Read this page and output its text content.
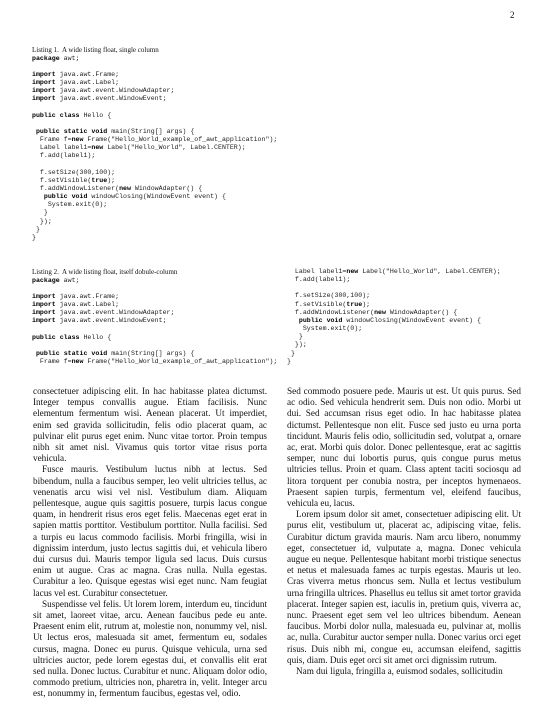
2
Listing 1.  A wide listing float, single column
package awt;

import java.awt.Frame;
import java.awt.Label;
import java.awt.event.WindowAdapter;
import java.awt.event.WindowEvent;

public class Hello {

public static void main(String[] args) {
Frame f=new Frame("Hello_World_example_of_awt_application");
Label label1=new Label("Hello_World", Label.CENTER);
f.add(label1);

f.setSize(300,100);
f.setVisible(true);
f.addWindowListener(new WindowAdapter() {
public void windowClosing(WindowEvent event) {
System.exit(0);
}
});
}
}
Listing 2.  A wide listing float, itself dobule-column
package awt;

import java.awt.Frame;
import java.awt.Label;
import java.awt.event.WindowAdapter;
import java.awt.event.WindowEvent;

public class Hello {

public static void main(String[] args) {
Frame f=new Frame("Hello_World_example_of_awt_application");
Label label1=new Label("Hello_World", Label.CENTER);
f.add(label1);

f.setSize(300,100);
f.setVisible(true);
f.addWindowListener(new WindowAdapter() {
public void windowClosing(WindowEvent event) {
System.exit(0);
}
});
}
}

consectetuer adipiscing elit. In hac habitasse platea dictumst. Integer tempus convallis augue. Etiam facilisis. Nunc elementum fermentum wisi. Aenean placerat. Ut imperdiet, enim sed gravida sollicitudin, felis odio placerat quam, ac pulvinar elit purus eget enim. Nunc vitae tortor. Proin tempus nibh sit amet nisl. Vivamus quis tortor vitae risus porta vehicula.

Fusce mauris. Vestibulum luctus nibh at lectus. Sed bibendum, nulla a faucibus semper, leo velit ultricies tellus, ac venenatis arcu wisi vel nisl. Vestibulum diam. Aliquam pellentesque, augue quis sagittis posuere, turpis lacus congue quam, in hendrerit risus eros eget felis. Maecenas eget erat in sapien mattis porttitor. Vestibulum porttitor. Nulla facilisi. Sed a turpis eu lacus commodo facilisis. Morbi fringilla, wisi in dignissim interdum, justo lectus sagittis dui, et vehicula libero dui cursus dui. Mauris tempor ligula sed lacus. Duis cursus enim ut augue. Cras ac magna. Cras nulla. Nulla egestas. Curabitur a leo. Quisque egestas wisi eget nunc. Nam feugiat lacus vel est. Curabitur consectetuer.

Suspendisse vel felis. Ut lorem lorem, interdum eu, tincidunt sit amet, laoreet vitae, arcu. Aenean faucibus pede eu ante. Praesent enim elit, rutrum at, molestie non, nonummy vel, nisl. Ut lectus eros, malesuada sit amet, fermentum eu, sodales cursus, magna. Donec eu purus. Quisque vehicula, urna sed ultricies auctor, pede lorem egestas dui, et convallis elit erat sed nulla. Donec luctus. Curabitur et nunc. Aliquam dolor odio, commodo pretium, ultricies non, pharetra in, velit. Integer arcu est, nonummy in, fermentum faucibus, egestas vel, odio.

Sed commodo posuere pede. Mauris ut est. Ut quis purus. Sed ac odio. Sed vehicula hendrerit sem. Duis non odio. Morbi ut dui. Sed accumsan risus eget odio. In hac habitasse platea dictumst. Pellentesque non elit. Fusce sed justo eu urna porta tincidunt. Mauris felis odio, sollicitudin sed, volutpat a, ornare ac, erat. Morbi quis dolor. Donec pellentesque, erat ac sagittis semper, nunc dui lobortis purus, quis congue purus metus ultricies tellus. Proin et quam. Class aptent taciti sociosqu ad litora torquent per conubia nostra, per inceptos hymenaeos. Praesent sapien turpis, fermentum vel, eleifend faucibus, vehicula eu, lacus.

Lorem ipsum dolor sit amet, consectetuer adipiscing elit. Ut purus elit, vestibulum ut, placerat ac, adipiscing vitae, felis. Curabitur dictum gravida mauris. Nam arcu libero, nonummy eget, consectetuer id, vulputate a, magna. Donec vehicula augue eu neque. Pellentesque habitant morbi tristique senectus et netus et malesuada fames ac turpis egestas. Mauris ut leo. Cras viverra metus rhoncus sem. Nulla et lectus vestibulum urna fringilla ultrices. Phasellus eu tellus sit amet tortor gravida placerat. Integer sapien est, iaculis in, pretium quis, viverra ac, nunc. Praesent eget sem vel leo ultrices bibendum. Aenean faucibus. Morbi dolor nulla, malesuada eu, pulvinar at, mollis ac, nulla. Curabitur auctor semper nulla. Donec varius orci eget risus. Duis nibh mi, congue eu, accumsan eleifend, sagittis quis, diam. Duis eget orci sit amet orci dignissim rutrum.

Nam dui ligula, fringilla a, euismod sodales, sollicitudin
